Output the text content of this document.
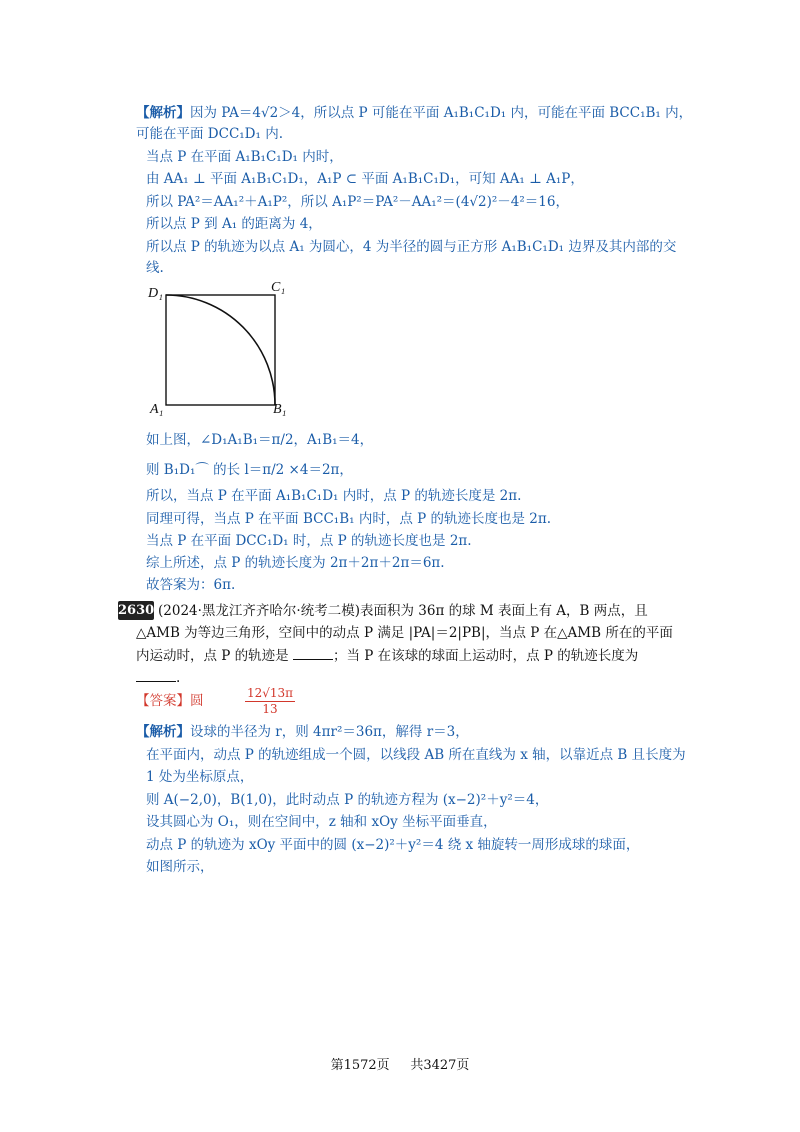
【解析】因为 PA＝4√2＞4，所以点 P 可能在平面 A₁B₁C₁D₁ 内，可能在平面 BCC₁B₁ 内，
可能在平面 DCC₁D₁ 内.
当点 P 在平面 A₁B₁C₁D₁ 内时，
由 AA₁ ⊥ 平面 A₁B₁C₁D₁，A₁P ⊂ 平面 A₁B₁C₁D₁，可知 AA₁ ⊥ A₁P，
所以 PA²＝AA₁²＋A₁P²，所以 A₁P²＝PA²－AA₁²＝(4√2)²－4²＝16，
所以点 P 到 A₁ 的距离为 4，
所以点 P 的轨迹为以点 A₁ 为圆心，4 为半径的圆与正方形 A₁B₁C₁D₁ 边界及其内部的交
线.
D₁	C₁
A₁	B₁
如上图，∠D₁A₁B₁＝π/2，A₁B₁＝4，
则 B₁D₁⌒ 的长 l＝π/2 ×4＝2π，
所以，当点 P 在平面 A₁B₁C₁D₁ 内时，点 P 的轨迹长度是 2π.
同理可得，当点 P 在平面 BCC₁B₁ 内时，点 P 的轨迹长度也是 2π.
当点 P 在平面 DCC₁D₁ 时，点 P 的轨迹长度也是 2π.
综上所述，点 P 的轨迹长度为 2π＋2π＋2π＝6π.
故答案为：6π.
2630 (2024·黑龙江齐齐哈尔·统考二模)表面积为 36π 的球 M 表面上有 A，B 两点，且
△AMB 为等边三角形，空间中的动点 P 满足 |PA|＝2|PB|，当点 P 在△AMB 所在的平面
内运动时，点 P 的轨迹是	；当 P 在该球的球面上运动时，点 P 的轨迹长度为
.
【答案】圆	$\frac{12√13\pi}{13}$
【解析】设球的半径为 r，则 4πr²＝36π，解得 r＝3，
在平面内，动点 P 的轨迹组成一个圆，以线段 AB 所在直线为 x 轴，以靠近点 B 且长度为
1 处为坐标原点，
则 A(−2,0)，B(1,0)，此时动点 P 的轨迹方程为 (x−2)²＋y²＝4，
设其圆心为 O₁，则在空间中，z 轴和 xOy 坐标平面垂直，
动点 P 的轨迹为 xOy 平面中的圆 (x−2)²＋y²＝4 绕 x 轴旋转一周形成球的球面，
如图所示，
第1572页 共3427页
